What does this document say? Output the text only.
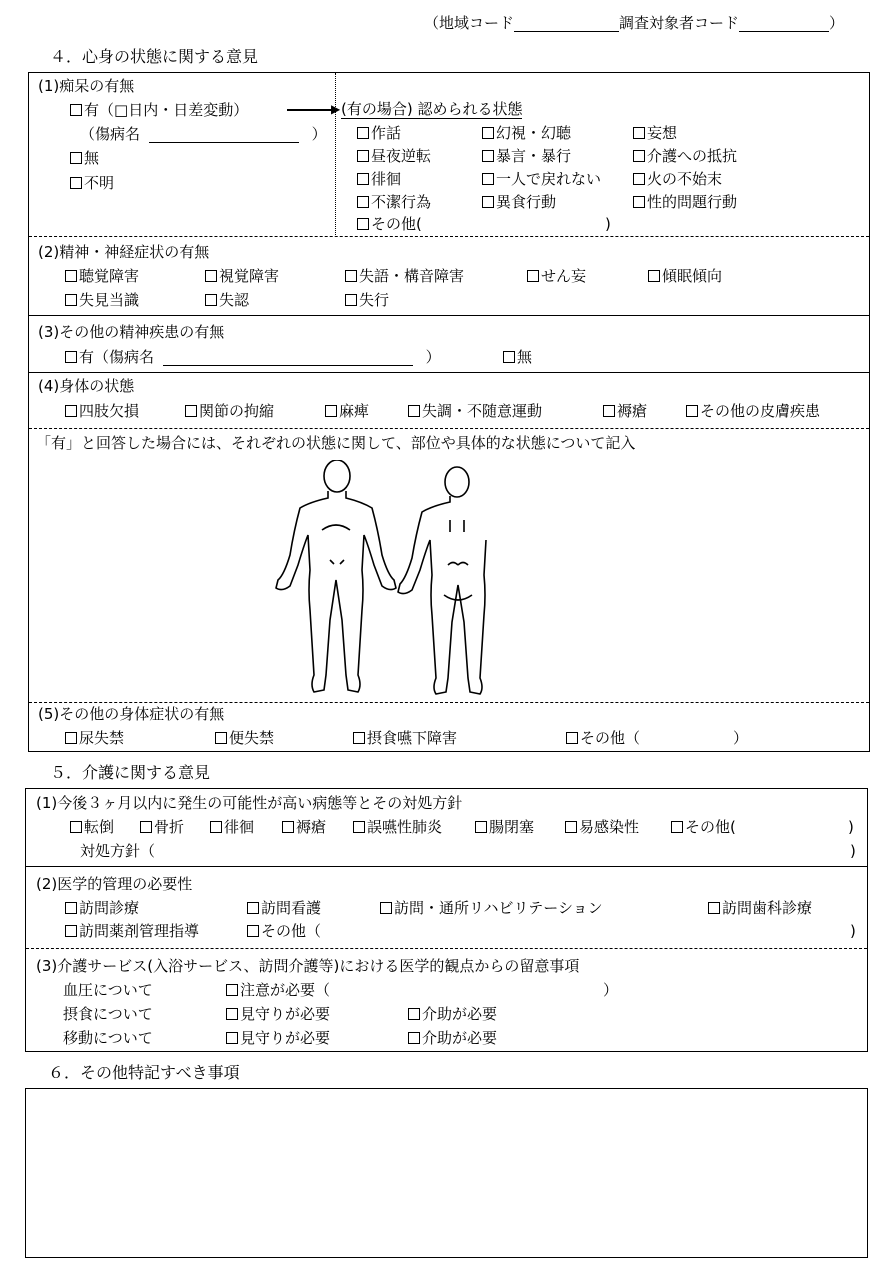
（地域コード	調査対象者コード	）
４．心身の状態に関する意見
(1)痴呆の有無
有（□日内・日差変動）	▶
（傷病名	）
無
不明
(有の場合) 認められる状態
作話	幻視・幻聴	妄想
昼夜逆転	暴言・暴行	介護への抵抗
徘徊	一人で戻れない	火の不始末
不潔行為	異食行動	性的問題行動
その他(	)
(2)精神・神経症状の有無
聴覚障害	視覚障害	失語・構音障害	せん妄	傾眠傾向
失見当識	失認	失行
(3)その他の精神疾患の有無
有（傷病名	）	無
(4)身体の状態
四肢欠損	関節の拘縮	麻痺	失調・不随意運動	褥瘡	その他の皮膚疾患
「有」と回答した場合には、それぞれの状態に関して、部位や具体的な状態について記入
(5)その他の身体症状の有無
尿失禁	便失禁	摂食嚥下障害	その他（	）
５．介護に関する意見
(1)今後３ヶ月以内に発生の可能性が高い病態等とその対処方針
転倒	骨折	徘徊	褥瘡	誤嚥性肺炎	腸閉塞	易感染性	その他(	)
対処方針（	)
(2)医学的管理の必要性
訪問診療	訪問看護	訪問・通所リハビリテーション	訪問歯科診療
訪問薬剤管理指導	その他（	)
(3)介護サービス(入浴サービス、訪問介護等)における医学的観点からの留意事項
血圧について	注意が必要（	）
摂食について	見守りが必要	介助が必要
移動について	見守りが必要	介助が必要
６．その他特記すべき事項
